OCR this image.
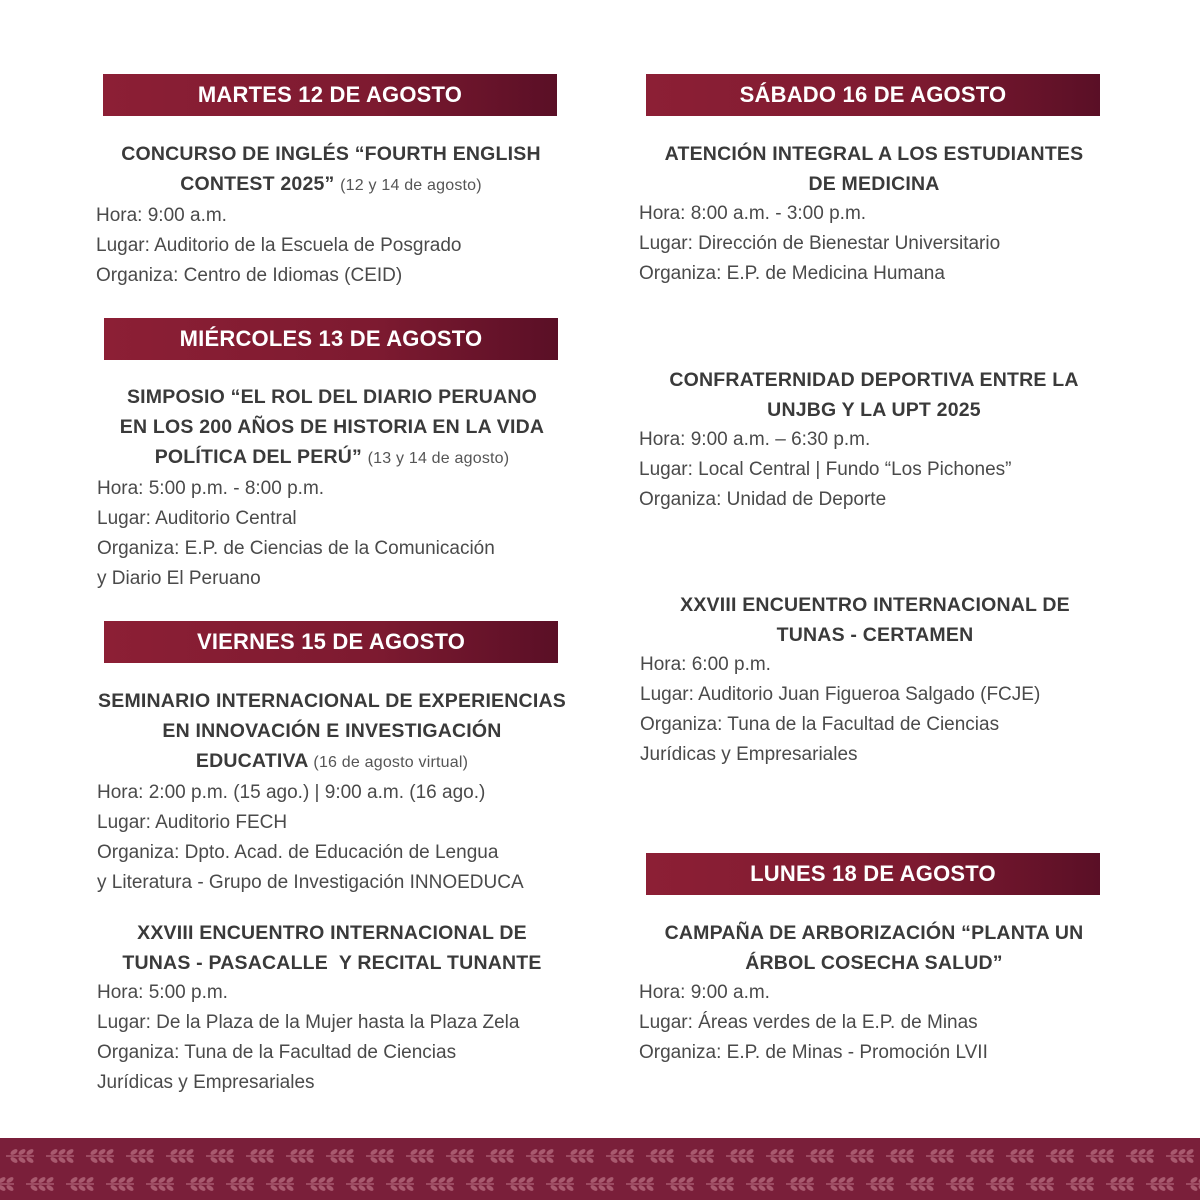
MARTES 12 DE AGOSTO
CONCURSO DE INGLÉS “FOURTH ENGLISH
CONTEST 2025” (12 y 14 de agosto)
Hora: 9:00 a.m.
Lugar: Auditorio de la Escuela de Posgrado
Organiza: Centro de Idiomas (CEID)
MIÉRCOLES 13 DE AGOSTO
SIMPOSIO “EL ROL DEL DIARIO PERUANO
EN LOS 200 AÑOS DE HISTORIA EN LA VIDA
POLÍTICA DEL PERÚ” (13 y 14 de agosto)
Hora: 5:00 p.m. - 8:00 p.m.
Lugar: Auditorio Central
Organiza: E.P. de Ciencias de la Comunicación
y Diario El Peruano
VIERNES 15 DE AGOSTO
SEMINARIO INTERNACIONAL DE EXPERIENCIAS
EN INNOVACIÓN E INVESTIGACIÓN
EDUCATIVA (16 de agosto virtual)
Hora: 2:00 p.m. (15 ago.) | 9:00 a.m. (16 ago.)
Lugar: Auditorio FECH
Organiza: Dpto. Acad. de Educación de Lengua
y Literatura - Grupo de Investigación INNOEDUCA
XXVIII ENCUENTRO INTERNACIONAL DE
TUNAS - PASACALLE  Y RECITAL TUNANTE
Hora: 5:00 p.m.
Lugar: De la Plaza de la Mujer hasta la Plaza Zela
Organiza: Tuna de la Facultad de Ciencias
Jurídicas y Empresariales
SÁBADO 16 DE AGOSTO
ATENCIÓN INTEGRAL A LOS ESTUDIANTES
DE MEDICINA
Hora: 8:00 a.m. - 3:00 p.m.
Lugar: Dirección de Bienestar Universitario
Organiza: E.P. de Medicina Humana
CONFRATERNIDAD DEPORTIVA ENTRE LA
UNJBG Y LA UPT 2025
Hora: 9:00 a.m. – 6:30 p.m.
Lugar: Local Central | Fundo “Los Pichones”
Organiza: Unidad de Deporte
XXVIII ENCUENTRO INTERNACIONAL DE
TUNAS - CERTAMEN
Hora: 6:00 p.m.
Lugar: Auditorio Juan Figueroa Salgado (FCJE)
Organiza: Tuna de la Facultad de Ciencias
Jurídicas y Empresariales
LUNES 18 DE AGOSTO
CAMPAÑA DE ARBORIZACIÓN “PLANTA UN
ÁRBOL COSECHA SALUD”
Hora: 9:00 a.m.
Lugar: Áreas verdes de la E.P. de Minas
Organiza: E.P. de Minas - Promoción LVII
